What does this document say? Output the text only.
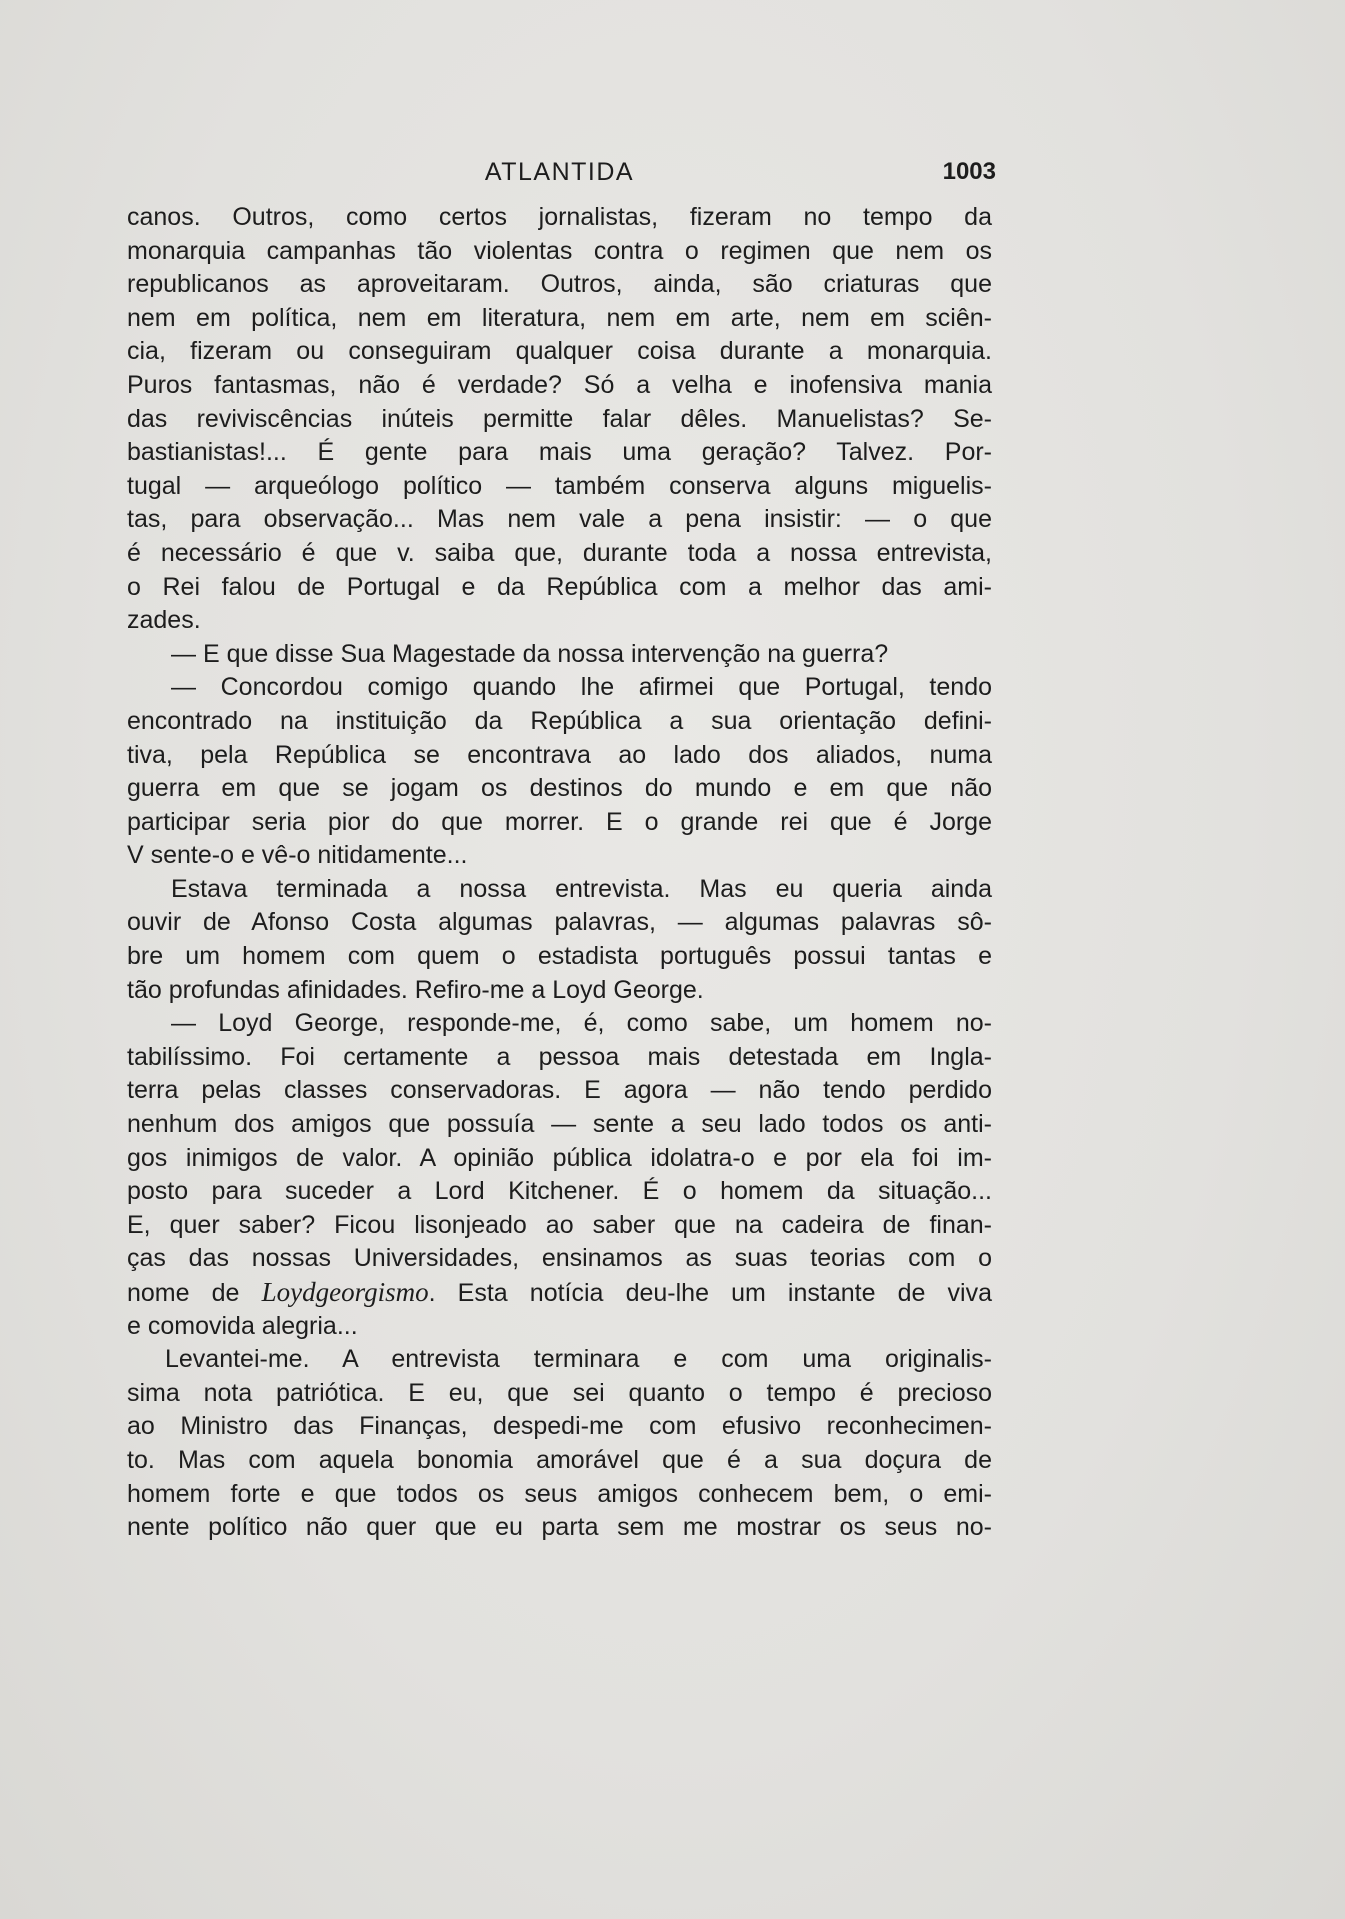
ATLANTIDA	1003
canos. Outros, como certos jornalistas, fizeram no tempo da
monarquia campanhas tão violentas contra o regimen que nem os
republicanos as aproveitaram. Outros, ainda, são criaturas que
nem em política, nem em literatura, nem em arte, nem em sciên-
cia, fizeram ou conseguiram qualquer coisa durante a monarquia.
Puros fantasmas, não é verdade? Só a velha e inofensiva mania
das reviviscências inúteis permitte falar dêles. Manuelistas? Se-
bastianistas!... É gente para mais uma geração? Talvez. Por-
tugal — arqueólogo político — também conserva alguns miguelis-
tas, para observação... Mas nem vale a pena insistir: — o que
é necessário é que v. saiba que, durante toda a nossa entrevista,
o Rei falou de Portugal e da República com a melhor das ami-
zades.
— E que disse Sua Magestade da nossa intervenção na guerra?
— Concordou comigo quando lhe afirmei que Portugal, tendo
encontrado na instituição da República a sua orientação defini-
tiva, pela República se encontrava ao lado dos aliados, numa
guerra em que se jogam os destinos do mundo e em que não
participar seria pior do que morrer. E o grande rei que é Jorge
V sente-o e vê-o nitidamente...
Estava terminada a nossa entrevista. Mas eu queria ainda
ouvir de Afonso Costa algumas palavras, — algumas palavras sô-
bre um homem com quem o estadista português possui tantas e
tão profundas afinidades. Refiro-me a Loyd George.
— Loyd George, responde-me, é, como sabe, um homem no-
tabilíssimo. Foi certamente a pessoa mais detestada em Ingla-
terra pelas classes conservadoras. E agora — não tendo perdido
nenhum dos amigos que possuía — sente a seu lado todos os anti-
gos inimigos de valor. A opinião pública idolatra-o e por ela foi im-
posto para suceder a Lord Kitchener. É o homem da situação...
E, quer saber? Ficou lisonjeado ao saber que na cadeira de finan-
ças das nossas Universidades, ensinamos as suas teorias com o
nome de Loydgeorgismo. Esta notícia deu-lhe um instante de viva
e comovida alegria...
Levantei-me. A entrevista terminara e com uma originalis-
sima nota patriótica. E eu, que sei quanto o tempo é precioso
ao Ministro das Finanças, despedi-me com efusivo reconhecimen-
to. Mas com aquela bonomia amorável que é a sua doçura de
homem forte e que todos os seus amigos conhecem bem, o emi-
nente político não quer que eu parta sem me mostrar os seus no-
